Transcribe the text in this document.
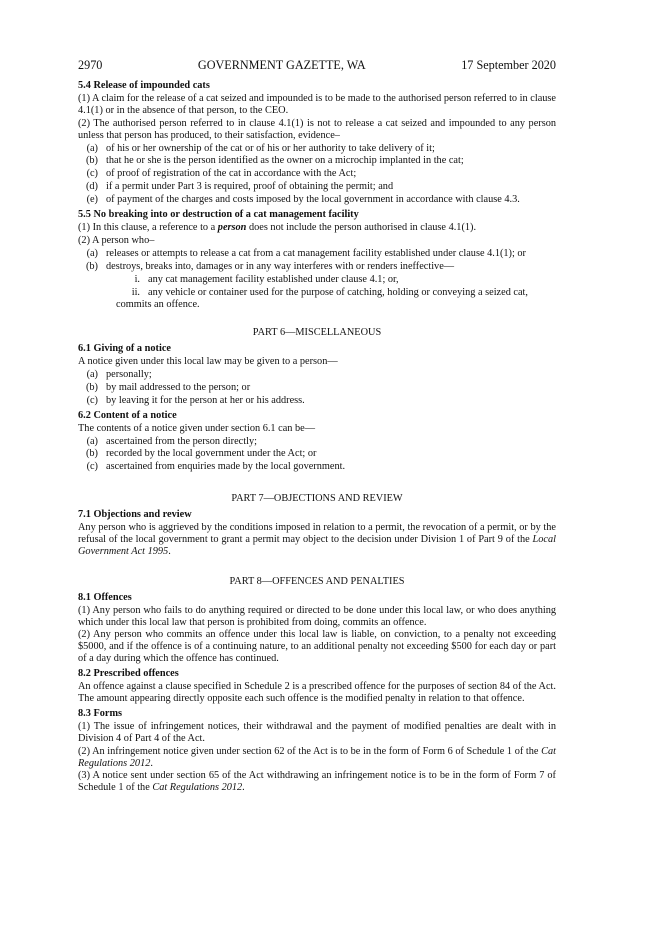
2970	GOVERNMENT GAZETTE, WA	17 September 2020

5.4 Release of impounded cats

(1) A claim for the release of a cat seized and impounded is to be made to the authorised person referred to in clause 4.1(1) or in the absence of that person, to the CEO.

(2) The authorised person referred to in clause 4.1(1) is not to release a cat seized and impounded to any person unless that person has produced, to their satisfaction, evidence–

(a) of his or her ownership of the cat or of his or her authority to take delivery of it;
(b) that he or she is the person identified as the owner on a microchip implanted in the cat;
(c) of proof of registration of the cat in accordance with the Act;
(d) if a permit under Part 3 is required, proof of obtaining the permit; and
(e) of payment of the charges and costs imposed by the local government in accordance with clause 4.3.

5.5 No breaking into or destruction of a cat management facility

(1) In this clause, a reference to a person does not include the person authorised in clause 4.1(1).

(2) A person who–

(a) releases or attempts to release a cat from a cat management facility established under clause 4.1(1); or
(b) destroys, breaks into, damages or in any way interferes with or renders ineffective—
i. any cat management facility established under clause 4.1; or,
ii. any vehicle or container used for the purpose of catching, holding or conveying a seized cat,

commits an offence.

PART 6—MISCELLANEOUS

6.1 Giving of a notice

A notice given under this local law may be given to a person—

(a) personally;
(b) by mail addressed to the person; or
(c) by leaving it for the person at her or his address.

6.2 Content of a notice

The contents of a notice given under section 6.1 can be—

(a) ascertained from the person directly;
(b) recorded by the local government under the Act; or
(c) ascertained from enquiries made by the local government.

PART 7—OBJECTIONS AND REVIEW

7.1 Objections and review

Any person who is aggrieved by the conditions imposed in relation to a permit, the revocation of a permit, or by the refusal of the local government to grant a permit may object to the decision under Division 1 of Part 9 of the Local Government Act 1995.

PART 8—OFFENCES AND PENALTIES

8.1 Offences

(1) Any person who fails to do anything required or directed to be done under this local law, or who does anything which under this local law that person is prohibited from doing, commits an offence.

(2) Any person who commits an offence under this local law is liable, on conviction, to a penalty not exceeding $5000, and if the offence is of a continuing nature, to an additional penalty not exceeding $500 for each day or part of a day during which the offence has continued.

8.2 Prescribed offences

An offence against a clause specified in Schedule 2 is a prescribed offence for the purposes of section 84 of the Act. The amount appearing directly opposite each such offence is the modified penalty in relation to that offence.

8.3 Forms

(1) The issue of infringement notices, their withdrawal and the payment of modified penalties are dealt with in Division 4 of Part 4 of the Act.

(2) An infringement notice given under section 62 of the Act is to be in the form of Form 6 of Schedule 1 of the Cat Regulations 2012.

(3) A notice sent under section 65 of the Act withdrawing an infringement notice is to be in the form of Form 7 of Schedule 1 of the Cat Regulations 2012.
